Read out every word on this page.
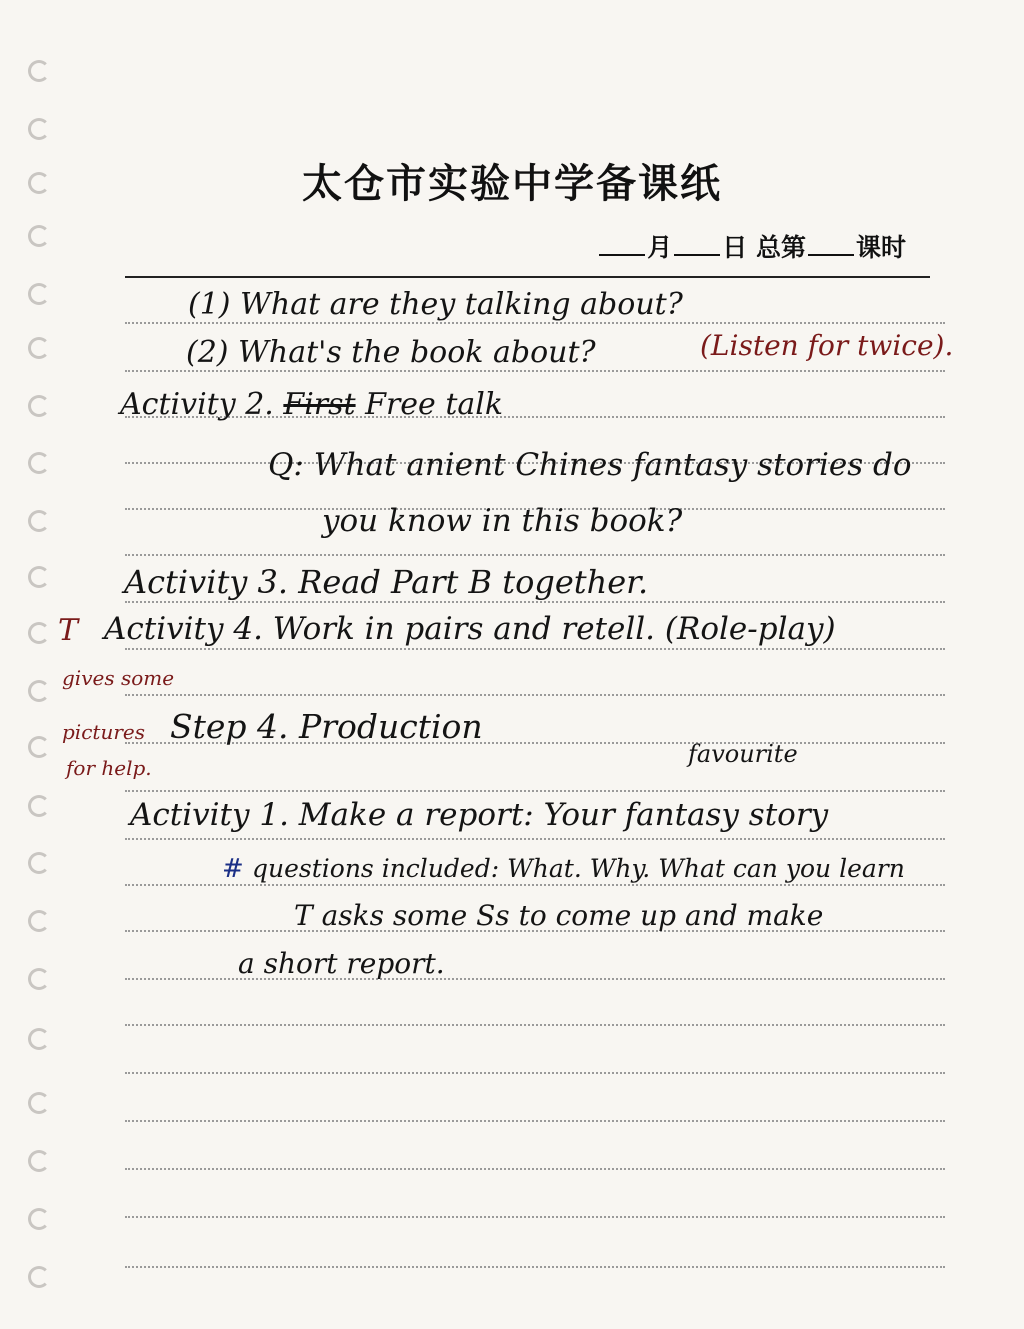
太仓市实验中学备课纸
月 日 总第 课时
(1) What are they talking about?
(2) What's the book about?	(Listen for twice).
Activity 2. First Free talk
Q: What anient Chines fantasy stories do
you know in this book?
Activity 3. Read Part B together.
T Activity 4. Work in pairs and retell. (Role-play)
gives some
pictures
for help.
Step 4. Production
favourite
Activity 1. Make a report: Your fantasy story
# questions included: What. Why. What can you learn
T asks some Ss to come up and make
a short report.
